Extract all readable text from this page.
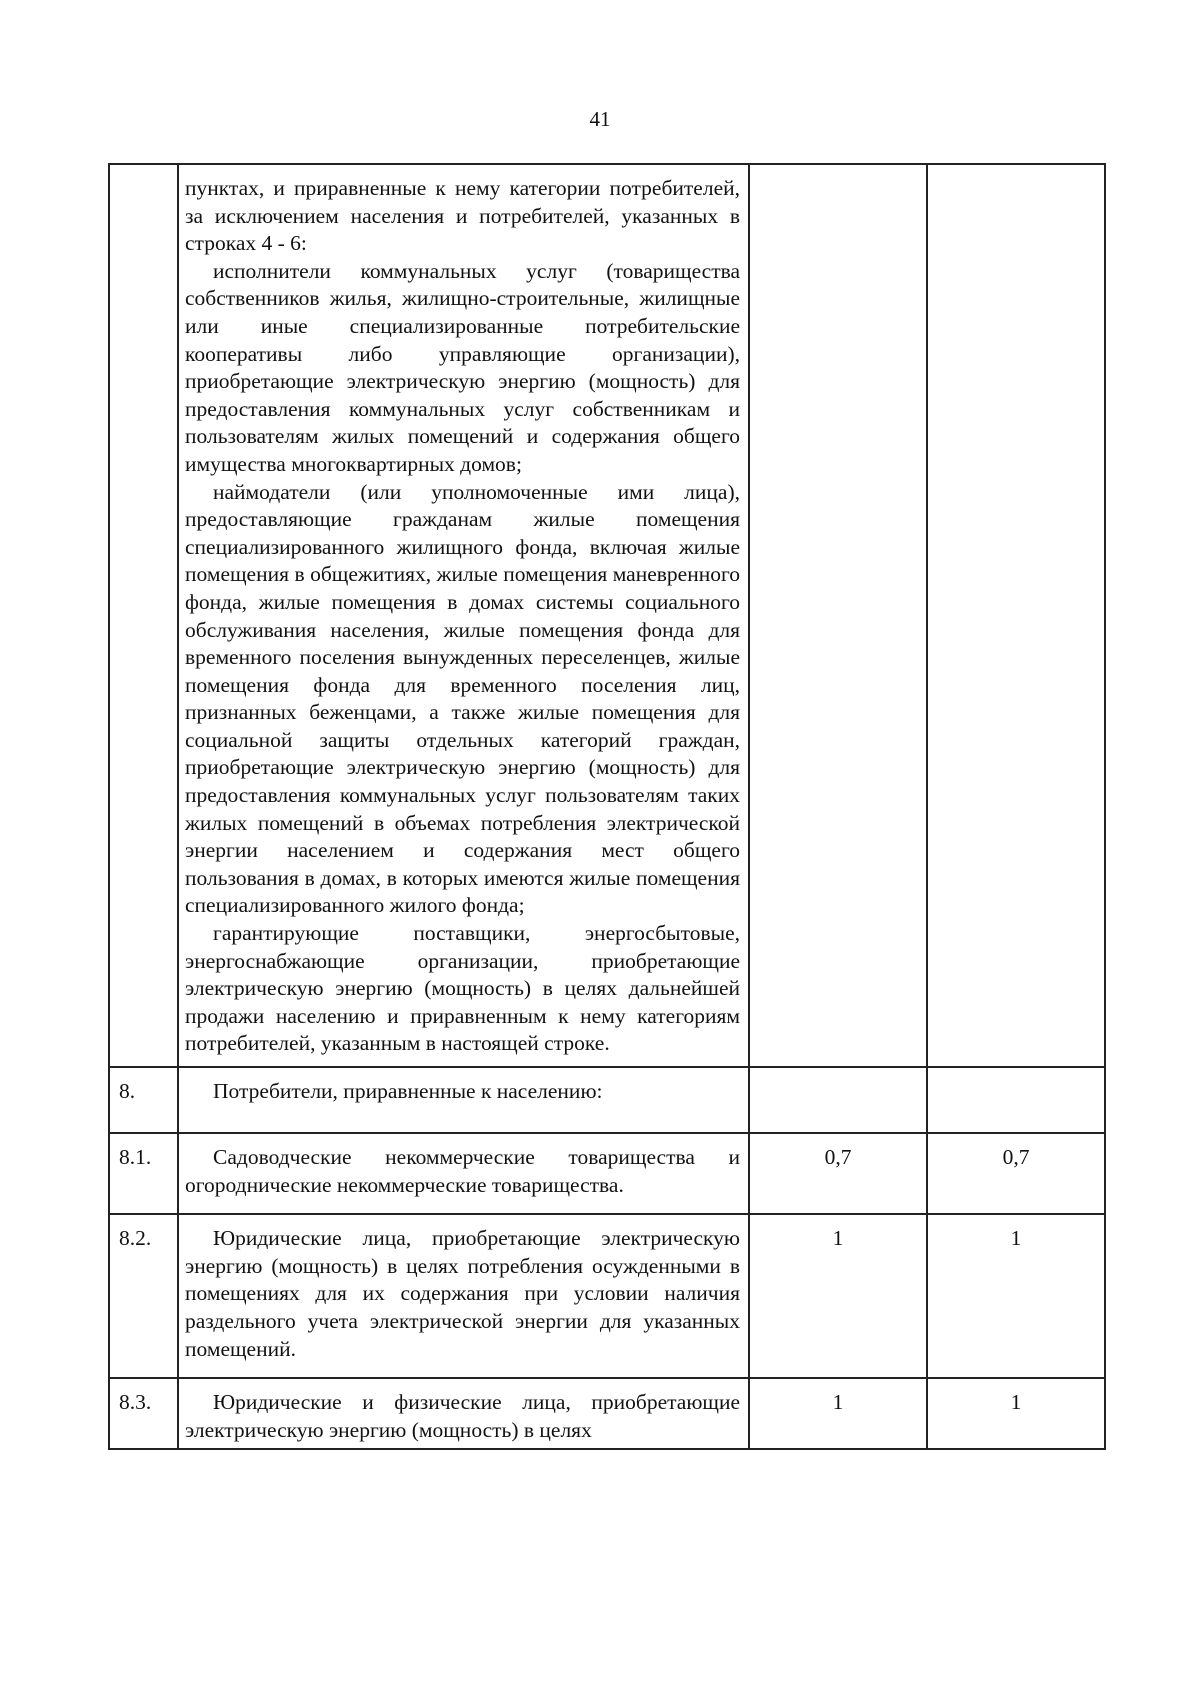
41

	пунктах, и приравненные к нему категории потребителей, за исключением населения и потребителей, указанных в строках 4 - 6:

исполнители коммунальных услуг (товарищества собственников жилья, жилищно-строительные, жилищные или иные специализированные потребительские кооперативы либо управляющие организации), приобретающие электрическую энергию (мощность) для предоставления коммунальных услуг собственникам и пользователям жилых помещений и содержания общего имущества многоквартирных домов;

наймодатели (или уполномоченные ими лица), предоставляющие гражданам жилые помещения специализированного жилищного фонда, включая жилые помещения в общежитиях, жилые помещения маневренного фонда, жилые помещения в домах системы социального обслуживания населения, жилые помещения фонда для временного поселения вынужденных переселенцев, жилые помещения фонда для временного поселения лиц, признанных беженцами, а также жилые помещения для социальной защиты отдельных категорий граждан, приобретающие электрическую энергию (мощность) для предоставления коммунальных услуг пользователям таких жилых помещений в объемах потребления электрической энергии населением и содержания мест общего пользования в домах, в которых имеются жилые помещения специализированного жилого фонда;

гарантирующие поставщики, энергосбытовые, энергоснабжающие организации, приобретающие электрическую энергию (мощность) в целях дальнейшей продажи населению и приравненным к нему категориям потребителей, указанным в настоящей строке.		

8.	Потребители, приравненные к населению:		

8.1.	Садоводческие некоммерческие товарищества и огороднические некоммерческие товарищества.	0,7	0,7
8.2.	Юридические лица, приобретающие электрическую энергию (мощность) в целях потребления осужденными в помещениях для их содержания при условии наличия раздельного учета электрической энергии для указанных помещений.	1	1
8.3.	Юридические и физические лица, приобретающие электрическую энергию (мощность) в целях	1	1
